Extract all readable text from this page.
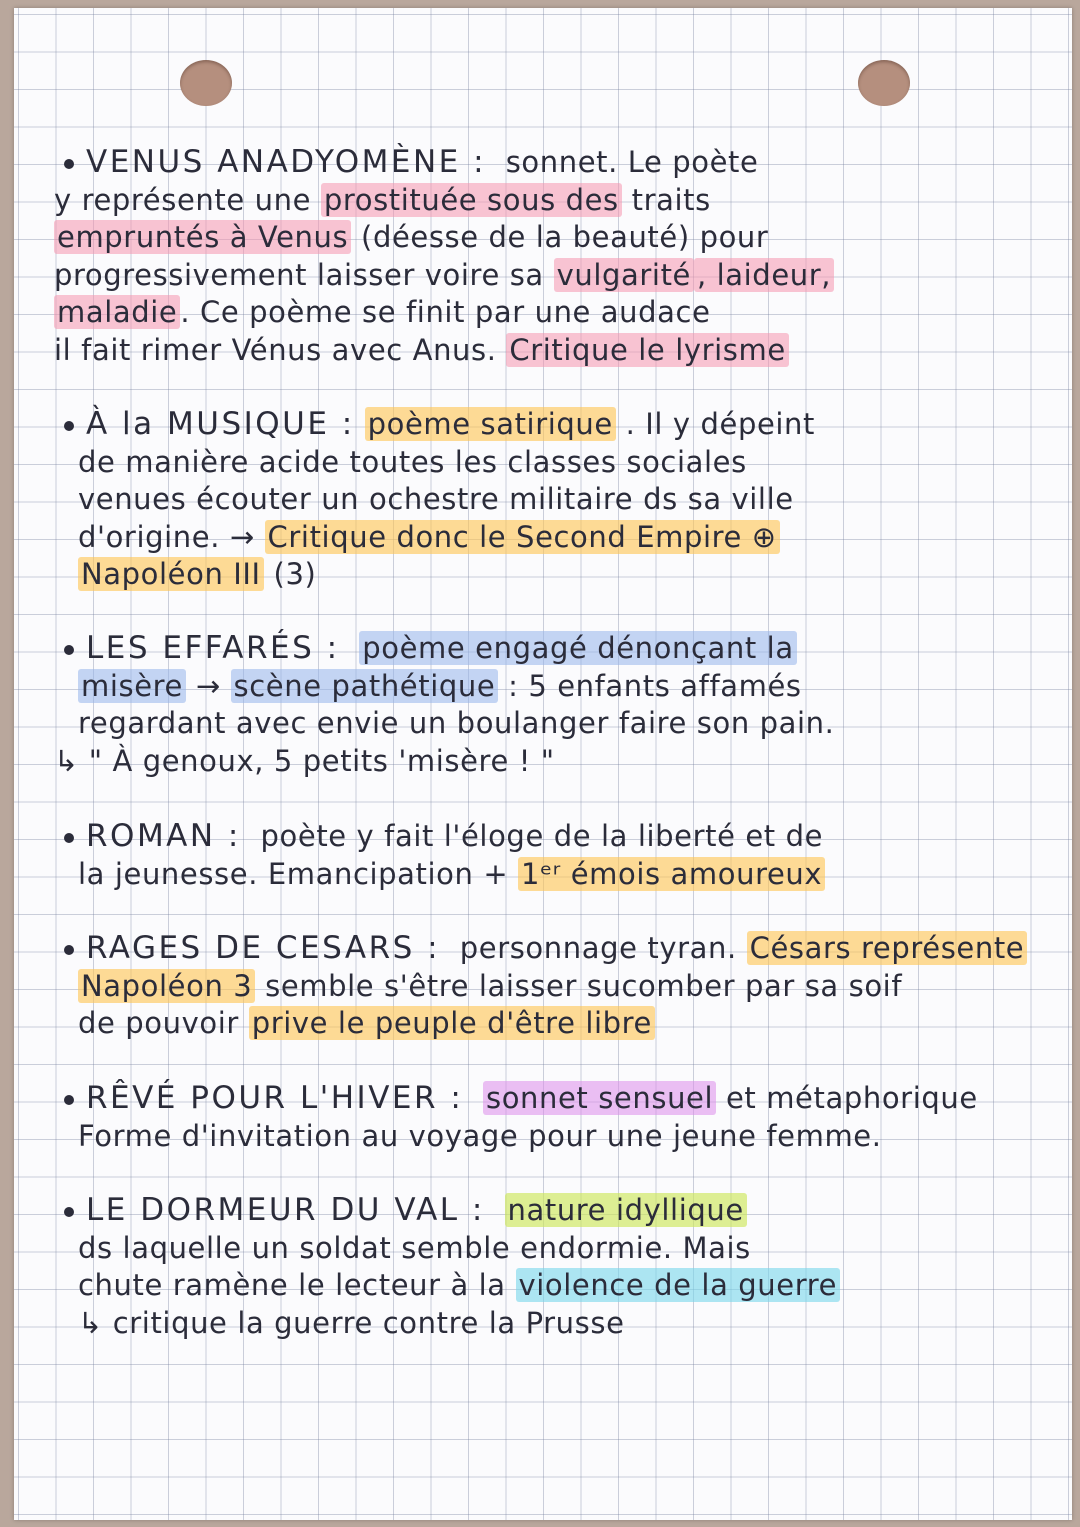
VENUS ANADYOMÈNE : sonnet. Le poète
y représente une prostituée sous des traits
empruntés à Venus (déesse de la beauté) pour
progressivement laisser voire sa vulgarité , laideur,
maladie . Ce poème se finit par une audace
il fait rimer Vénus avec Anus. Critique le lyrisme
À la MUSIQUE : poème satirique . Il y dépeint
de manière acide toutes les classes sociales
venues écouter un ochestre militaire ds sa ville
d'origine. → Critique donc le Second Empire ⊕
Napoléon III (3)
LES EFFARÉS : poème engagé dénonçant la
misère → scène pathétique : 5 enfants affamés
regardant avec envie un boulanger faire son pain.
↳ " À genoux, 5 petits 'misère ! "
ROMAN : poète y fait l'éloge de la liberté et de
la jeunesse. Emancipation + 1ᵉʳ émois amoureux
RAGES DE CESARS : personnage tyran. Césars représente
Napoléon 3 semble s'être laisser sucomber par sa soif
de pouvoir prive le peuple d'être libre
RÊVÉ POUR L'HIVER : sonnet sensuel et métaphorique
Forme d'invitation au voyage pour une jeune femme.
LE DORMEUR DU VAL : nature idyllique
ds laquelle un soldat semble endormie. Mais
chute ramène le lecteur à la violence de la guerre
↳ critique la guerre contre la Prusse
